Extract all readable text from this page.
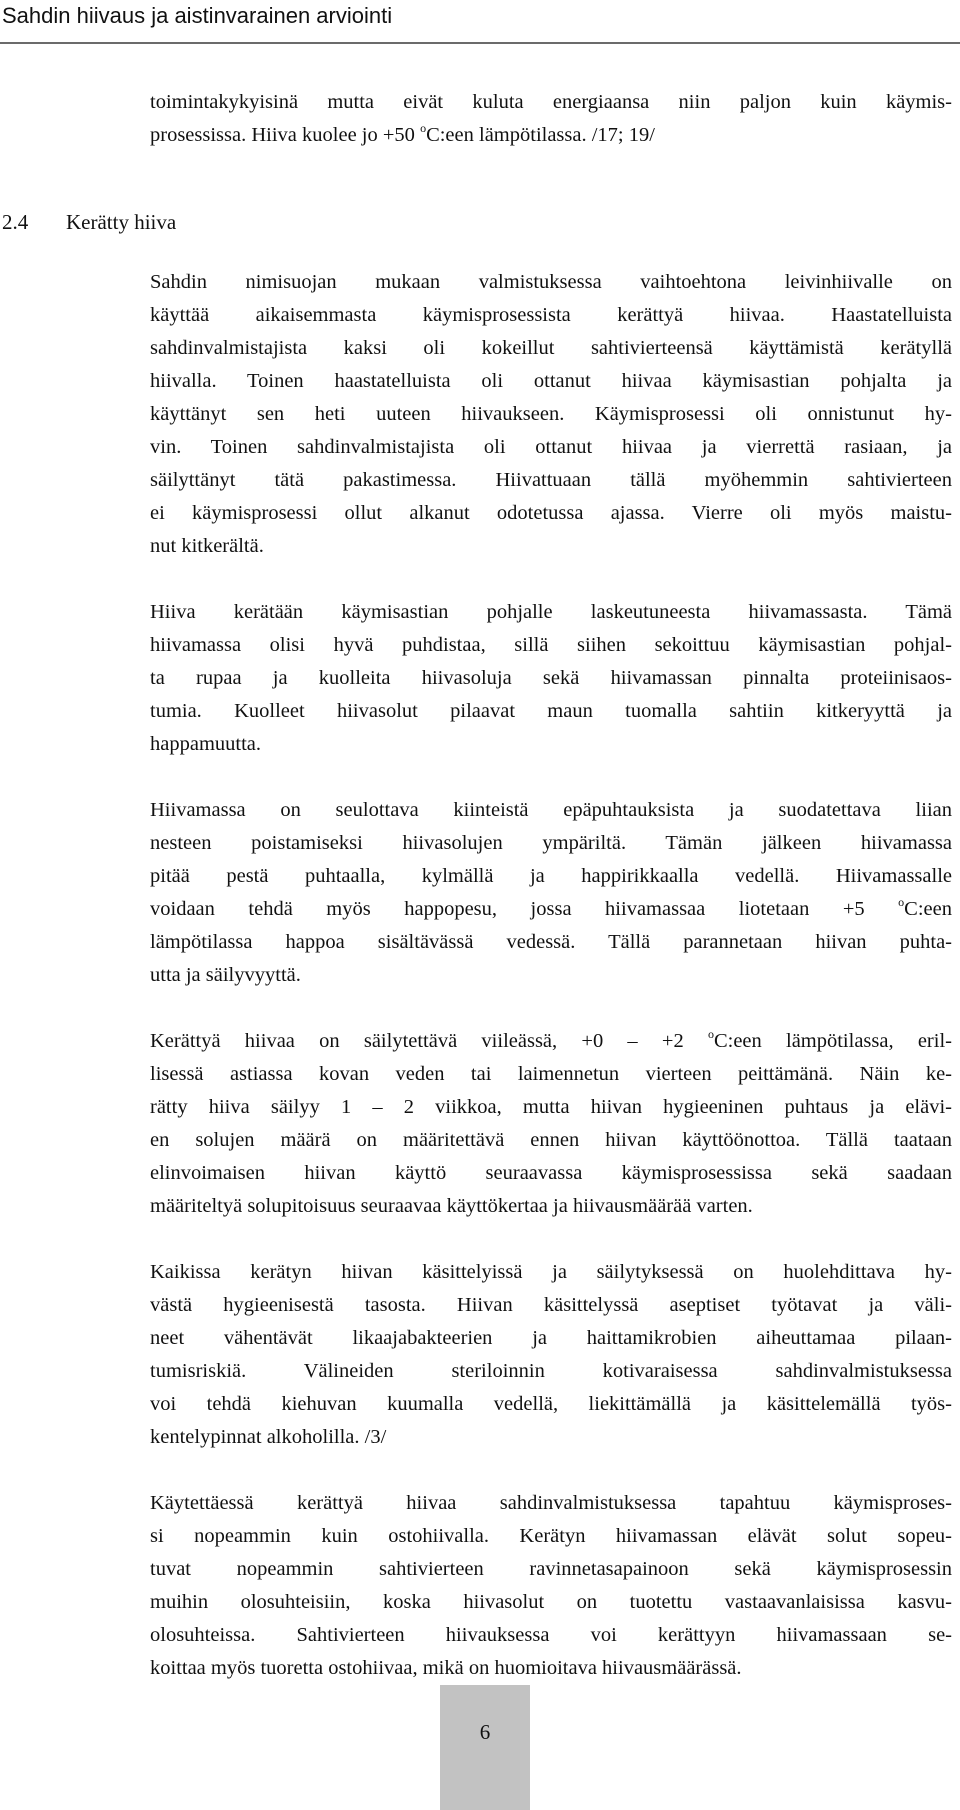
Sahdin hiivaus ja aistinvarainen arviointi

toimintakykyisinä mutta eivät kuluta energiaansa niin paljon kuin käymis-
prosessissa. Hiiva kuolee jo +50 $^o$C:een lämpötilassa. /17; 19/

2.4 Kerätty hiiva

Sahdin nimisuojan mukaan valmistuksessa vaihtoehtona leivinhiivalle on
käyttää aikaisemmasta käymisprosessista kerättyä hiivaa. Haastatelluista
sahdinvalmistajista kaksi oli kokeillut sahtivierteensä käyttämistä kerätyllä
hiivalla. Toinen haastatelluista oli ottanut hiivaa käymisastian pohjalta ja
käyttänyt sen heti uuteen hiivaukseen. Käymisprosessi oli onnistunut hy-
vin. Toinen sahdinvalmistajista oli ottanut hiivaa ja vierrettä rasiaan, ja
säilyttänyt tätä pakastimessa. Hiivattuaan tällä myöhemmin sahtivierteen
ei käymisprosessi ollut alkanut odotetussa ajassa. Vierre oli myös maistu-
nut kitkerältä.

Hiiva kerätään käymisastian pohjalle laskeutuneesta hiivamassasta. Tämä
hiivamassa olisi hyvä puhdistaa, sillä siihen sekoittuu käymisastian pohjal-
ta rupaa ja kuolleita hiivasoluja sekä hiivamassan pinnalta proteiinisaos-
tumia. Kuolleet hiivasolut pilaavat maun tuomalla sahtiin kitkeryyttä ja
happamuutta.

Hiivamassa on seulottava kiinteistä epäpuhtauksista ja suodatettava liian
nesteen poistamiseksi hiivasolujen ympäriltä. Tämän jälkeen hiivamassa
pitää pestä puhtaalla, kylmällä ja happirikkaalla vedellä. Hiivamassalle
voidaan tehdä myös happopesu, jossa hiivamassaa liotetaan +5 $^o$C:een
lämpötilassa happoa sisältävässä vedessä. Tällä parannetaan hiivan puhta-
utta ja säilyvyyttä.

Kerättyä hiivaa on säilytettävä viileässä, +0 – +2 $^o$C:een lämpötilassa, eril-
lisessä astiassa kovan veden tai laimennetun vierteen peittämänä. Näin ke-
rätty hiiva säilyy 1 – 2 viikkoa, mutta hiivan hygieeninen puhtaus ja elävi-
en solujen määrä on määritettävä ennen hiivan käyttöönottoa. Tällä taataan
elinvoimaisen hiivan käyttö seuraavassa käymisprosessissa sekä saadaan
määriteltyä solupitoisuus seuraavaa käyttökertaa ja hiivausmäärää varten.

Kaikissa kerätyn hiivan käsittelyissä ja säilytyksessä on huolehdittava hy-
västä hygieenisestä tasosta. Hiivan käsittelyssä aseptiset työtavat ja väli-
neet vähentävät likaajabakteerien ja haittamikrobien aiheuttamaa pilaan-
tumisriskiä. Välineiden steriloinnin kotivaraisessa sahdinvalmistuksessa
voi tehdä kiehuvan kuumalla vedellä, liekittämällä ja käsittelemällä työs-
kentelypinnat alkoholilla. /3/

Käytettäessä kerättyä hiivaa sahdinvalmistuksessa tapahtuu käymisproses-
si nopeammin kuin ostohiivalla. Kerätyn hiivamassan elävät solut sopeu-
tuvat nopeammin sahtivierteen ravinnetasapainoon sekä käymisprosessin
muihin olosuhteisiin, koska hiivasolut on tuotettu vastaavanlaisissa kasvu-
olosuhteissa. Sahtivierteen hiivauksessa voi kerättyyn hiivamassaan se-
koittaa myös tuoretta ostohiivaa, mikä on huomioitava hiivausmäärässä.

6
